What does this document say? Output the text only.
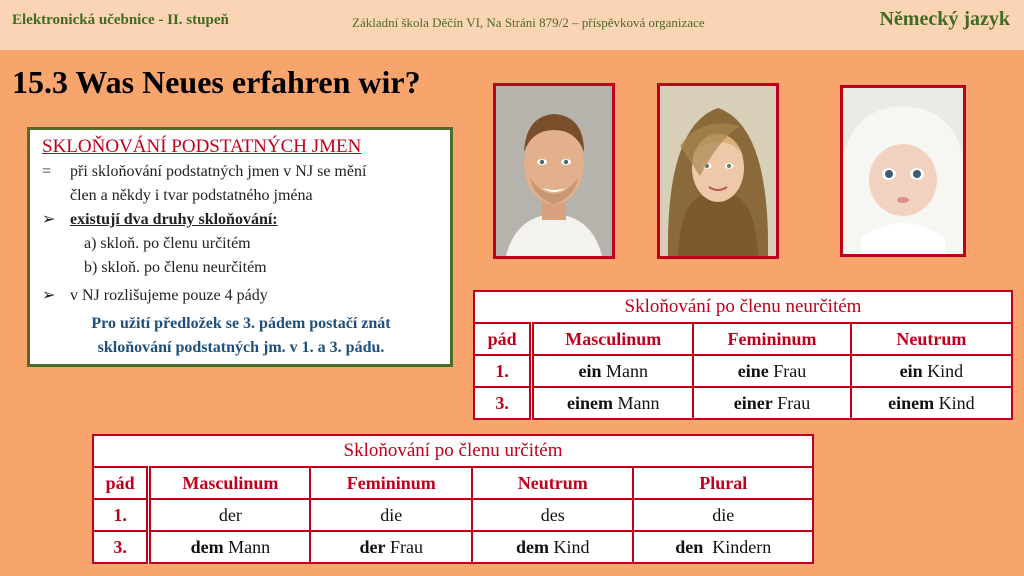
Elektronická učebnice - II. stupeň	Základní škola Děčín VI, Na Stráni 879/2 – příspěvková organizace	Německý jazyk
15.3 Was Neues erfahren wir?
SKLOŇOVÁNÍ PODSTATNÝCH JMEN
= při skloňování podstatných jmen v NJ se mění
člen a někdy i tvar podstatného jména
➢ existují dva druhy skloňování:
a) skloň. po členu určitém
b) skloň. po členu neurčitém
➢ v NJ rozlišujeme pouze 4 pády
Pro užití předložek se 3. pádem postačí znát
skloňování podstatných jm. v 1. a 3. pádu.
Skloňování po členu neurčitém			
pád	Masculinum	Femininum	Neutrum
1.	ein Mann	eine Frau	ein Kind
3.	einem Mann	einer Frau	einem Kind
Skloňování po členu určitém				
pád	Masculinum	Femininum	Neutrum	Plural
1.	der	die	des	die
3.	dem Mann	der Frau	dem Kind	den  Kindern
